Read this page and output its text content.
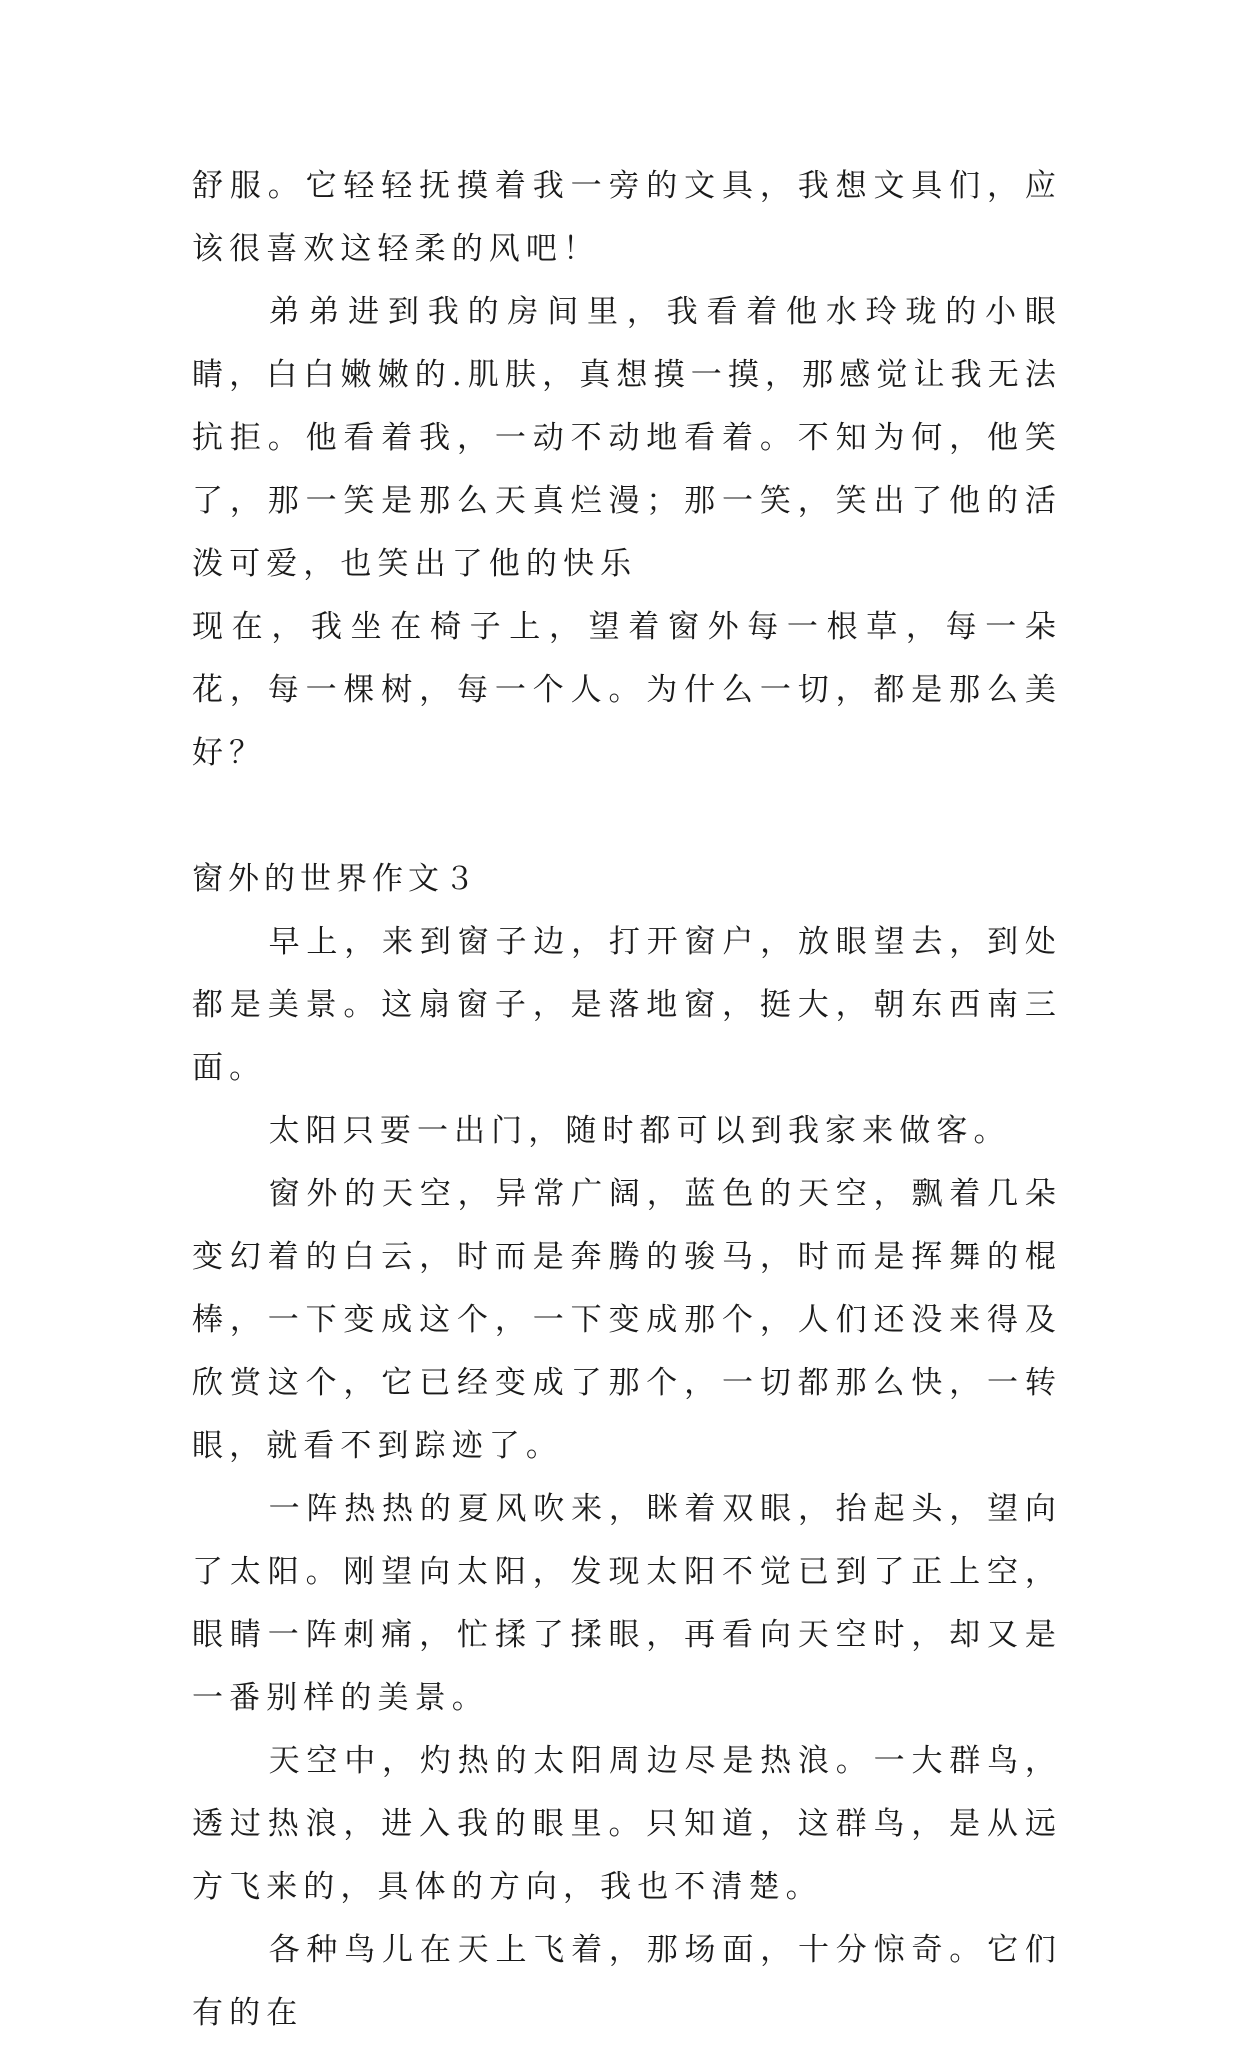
舒服。它轻轻抚摸着我一旁的文具，我想文具们，应该很喜欢这轻柔的风吧！

弟弟进到我的房间里，我看着他水玲珑的小眼睛，白白嫩嫩的.肌肤，真想摸一摸，那感觉让我无法抗拒。他看着我，一动不动地看着。不知为何，他笑了，那一笑是那么天真烂漫；那一笑，笑出了他的活泼可爱，也笑出了他的快乐

现在，我坐在椅子上，望着窗外每一根草，每一朵花，每一棵树，每一个人。为什么一切，都是那么美好？

窗外的世界作文３

早上，来到窗子边，打开窗户，放眼望去，到处都是美景。这扇窗子，是落地窗，挺大，朝东西南三面。

太阳只要一出门，随时都可以到我家来做客。

窗外的天空，异常广阔，蓝色的天空，飘着几朵变幻着的白云，时而是奔腾的骏马，时而是挥舞的棍棒，一下变成这个，一下变成那个，人们还没来得及欣赏这个，它已经变成了那个，一切都那么快，一转眼，就看不到踪迹了。

一阵热热的夏风吹来，眯着双眼，抬起头，望向了太阳。刚望向太阳，发现太阳不觉已到了正上空，眼睛一阵刺痛，忙揉了揉眼，再看向天空时，却又是一番别样的美景。

天空中，灼热的太阳周边尽是热浪。一大群鸟，透过热浪，进入我的眼里。只知道，这群鸟，是从远方飞来的，具体的方向，我也不清楚。

各种鸟儿在天上飞着，那场面，十分惊奇。它们有的在
